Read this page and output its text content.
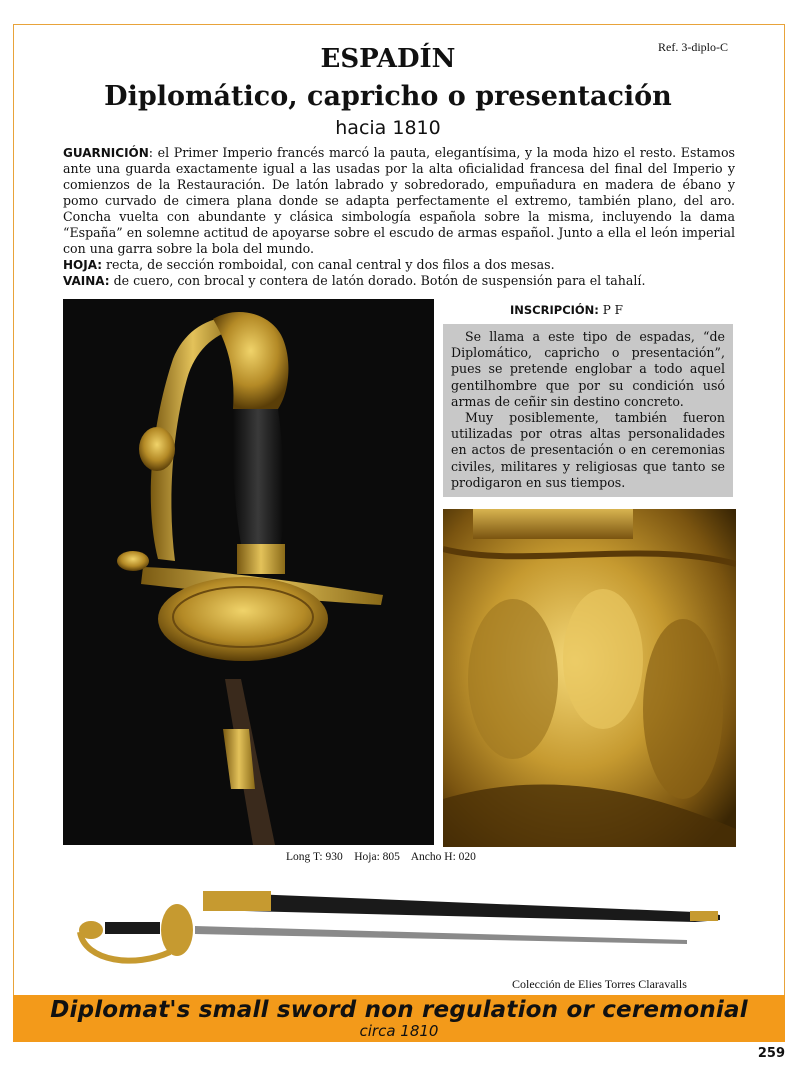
Ref. 3-diplo-C
ESPADÍN
Diplomático, capricho o presentación
hacia 1810

GUARNICIÓN: el Primer Imperio francés marcó la pauta, elegantísima, y la moda hizo el resto. Estamos ante una guarda exactamente igual a las usadas por la alta oficialidad francesa del final del Imperio y comienzos de la Restauración. De latón labrado y sobredorado, empuñadura en madera de ébano y pomo curvado de cimera plana donde se adapta perfectamente el extremo, también plano, del aro. Concha vuelta con abundante y clásica simbología española sobre la misma, incluyendo la dama “España” en solemne actitud de apoyarse sobre el escudo de armas español. Junto a ella el león imperial con una garra sobre la bola del mundo.

HOJA: recta, de sección romboidal, con canal central y dos filos a dos mesas.

VAINA: de cuero, con brocal y contera de latón dorado. Botón de suspensión para el tahalí.

INSCRIPCIÓN: P F

Se llama a este tipo de espadas, “de Diplomático, capricho o presentación”, pues se pretende englobar a todo aquel gentilhombre que por su condición usó armas de ceñir sin destino concreto.

Muy posiblemente, también fueron utilizadas por otras altas personalidades en actos de presentación o en ceremonias civiles, militares y religiosas que tanto se prodigaron en sus tiempos.

Long T: 930    Hoja: 805    Ancho H: 020
Colección de Elies Torres Claravalls
Diplomat's small sword non regulation or ceremonial
circa 1810
259
